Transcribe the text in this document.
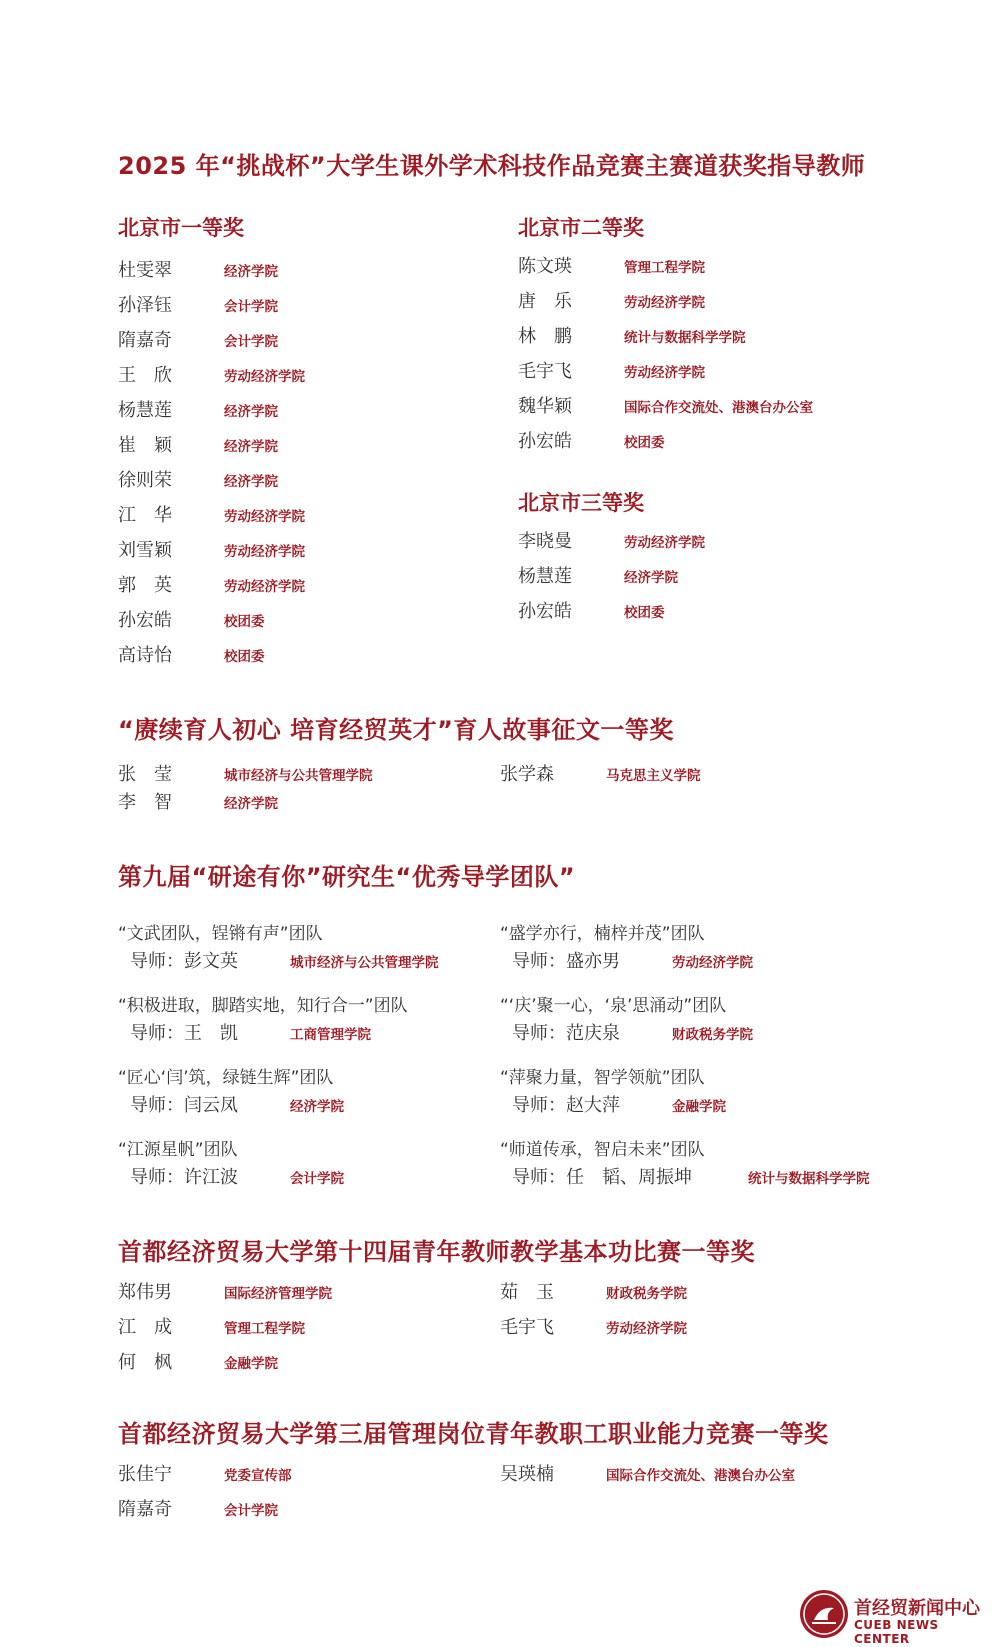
2025 年“挑战杯”大学生课外学术科技作品竞赛主赛道获奖指导教师
北京市一等奖
杜雯翠	经济学院
孙泽钰	会计学院
隋嘉奇	会计学院
王　欣	劳动经济学院
杨慧莲	经济学院
崔　颖	经济学院
徐则荣	经济学院
江　华	劳动经济学院
刘雪颖	劳动经济学院
郭　英	劳动经济学院
孙宏皓	校团委
高诗怡	校团委
北京市二等奖
陈文瑛	管理工程学院
唐　乐	劳动经济学院
林　鹏	统计与数据科学学院
毛宇飞	劳动经济学院
魏华颖	国际合作交流处、港澳台办公室
孙宏皓	校团委
北京市三等奖
李晓曼	劳动经济学院
杨慧莲	经济学院
孙宏皓	校团委
“赓续育人初心 培育经贸英才”育人故事征文一等奖
张　莹	城市经济与公共管理学院	张学森	马克思主义学院
李　智	经济学院
第九届“研途有你”研究生“优秀导学团队”
“文武团队，锃锵有声”团队
导师： 彭文英	城市经济与公共管理学院
“盛学亦行，楠梓并茂”团队
导师： 盛亦男	劳动经济学院
“积极进取，脚踏实地，知行合一”团队
导师： 王　凯	工商管理学院
“‘庆’聚一心，‘泉’思涌动”团队
导师： 范庆泉	财政税务学院
“匠心‘闫’筑，绿链生辉”团队
导师： 闫云凤	经济学院
“萍聚力量，智学领航”团队
导师： 赵大萍	金融学院
“江源星帆”团队
导师： 许江波	会计学院
“师道传承，智启未来”团队
导师： 任　韬、周振坤	统计与数据科学学院
首都经济贸易大学第十四届青年教师教学基本功比赛一等奖
郑伟男	国际经济管理学院	茹　玉	财政税务学院
江　成	管理工程学院	毛宇飞	劳动经济学院
何　枫	金融学院
首都经济贸易大学第三届管理岗位青年教职工职业能力竞赛一等奖
张佳宁	党委宣传部	吴瑛楠	国际合作交流处、港澳台办公室
隋嘉奇	会计学院
首经贸新闻中心
CUEB NEWS CENTER
